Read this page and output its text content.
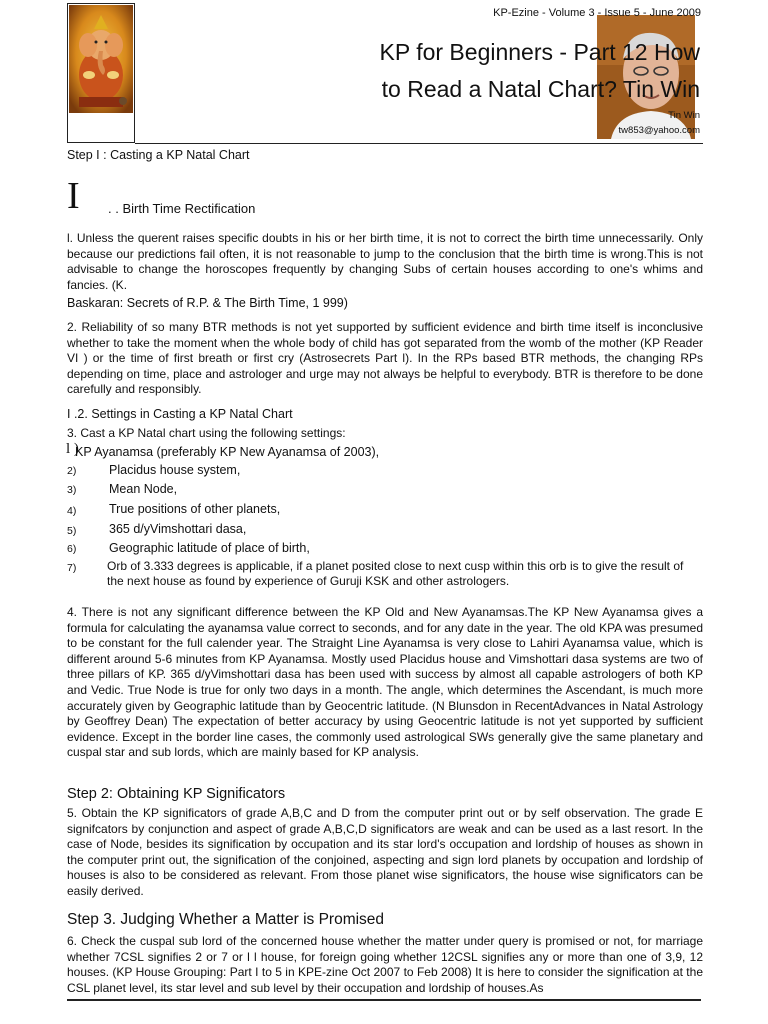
KP-Ezine - Volume 3 - Issue 5 - June 2009
KP for Beginners - Part 12 How
to Read a Natal Chart? Tin Win
Tin Win
tw853@yahoo.com
Step I : Casting a KP Natal Chart
I . . Birth Time Rectification
l. Unless the querent raises specific doubts in his or her birth time, it is not to correct the birth time unnecessarily. Only because our predictions fail often, it is not reasonable to jump to the conclusion that the birth time is wrong.This is not advisable to change the horoscopes frequently by changing Subs of certain houses according to one's whims and fancies. (K.
Baskaran: Secrets of R.P. & The Birth Time, 1 999)
2. Reliability of so many BTR methods is not yet supported by sufficient evidence and birth time itself is inconclusive whether to take the moment when the whole body of child has got separated from the womb of the mother (KP Reader VI ) or the time of first breath or first cry (Astrosecrets Part l). In the RPs based BTR methods, the changing RPs depending on time, place and astrologer and urge may not always be helpful to everybody. BTR is therefore to be done carefully and responsibly.
I .2. Settings in Casting a KP Natal Chart
3. Cast a KP Natal chart using the following settings:
l )
KP Ayanamsa (preferably KP New Ayanamsa of 2003),
2)	Placidus house system,
3)	Mean Node,
4)	True positions of other planets,
5)	365 d/yVimshottari dasa,
6)	Geographic latitude of place of birth,
7)	Orb of 3.333 degrees is applicable, if a planet posited close to next cusp within this orb is to give the result of the next house as found by experience of Guruji KSK and other astrologers.
4. There is not any significant difference between the KP Old and New Ayanamsas.The KP New Ayanamsa gives a formula for calculating the ayanamsa value correct to seconds, and for any date in the year. The old KPA was presumed to be constant for the full calender year. The Straight Line Ayanamsa is very close to Lahiri Ayanamsa value, which is different around 5-6 minutes from KP Ayanamsa. Mostly used Placidus house and Vimshottari dasa systems are two of three pillars of KP. 365 d/yVimshottari dasa has been used with success by almost all capable astrologers of both KP and Vedic. True Node is true for only two days in a month. The angle, which determines the Ascendant, is much more accurately given by Geographic latitude than by Geocentric latitude. (N Blunsdon in RecentAdvances in Natal Astrology by Geoffrey Dean) The expectation of better accuracy by using Geocentric latitude is not yet supported by sufficient evidence. Except in the border line cases, the commonly used astrological SWs generally give the same planetary and cuspal star and sub lords, which are mainly based for KP analysis.
Step 2: Obtaining KP Significators
5. Obtain the KP significators of grade A,B,C and D from the computer print out or by self observation. The grade E signifcators by conjunction and aspect of grade A,B,C,D significators are weak and can be used as a last resort. In the case of Node, besides its signification by occupation and its star lord's occupation and lordship of houses as shown in the computer print out, the signification of the conjoined, aspecting and sign lord planets by occupation and lordship of houses is also to be considered as relevant. From those planet wise significators, the house wise significators can be easily derived.
Step 3. Judging Whether a Matter is Promised
6. Check the cuspal sub lord of the concerned house whether the matter under query is promised or not, for marriage whether 7CSL signifies 2 or 7 or l l house, for foreign going whether 12CSL signifies any or more than one of 3,9, 12 houses. (KP House Grouping: Part I to 5 in KPE-zine Oct 2007 to Feb 2008) It is here to consider the signification at the CSL planet level, its star level and sub level by their occupation and lordship of houses.As
